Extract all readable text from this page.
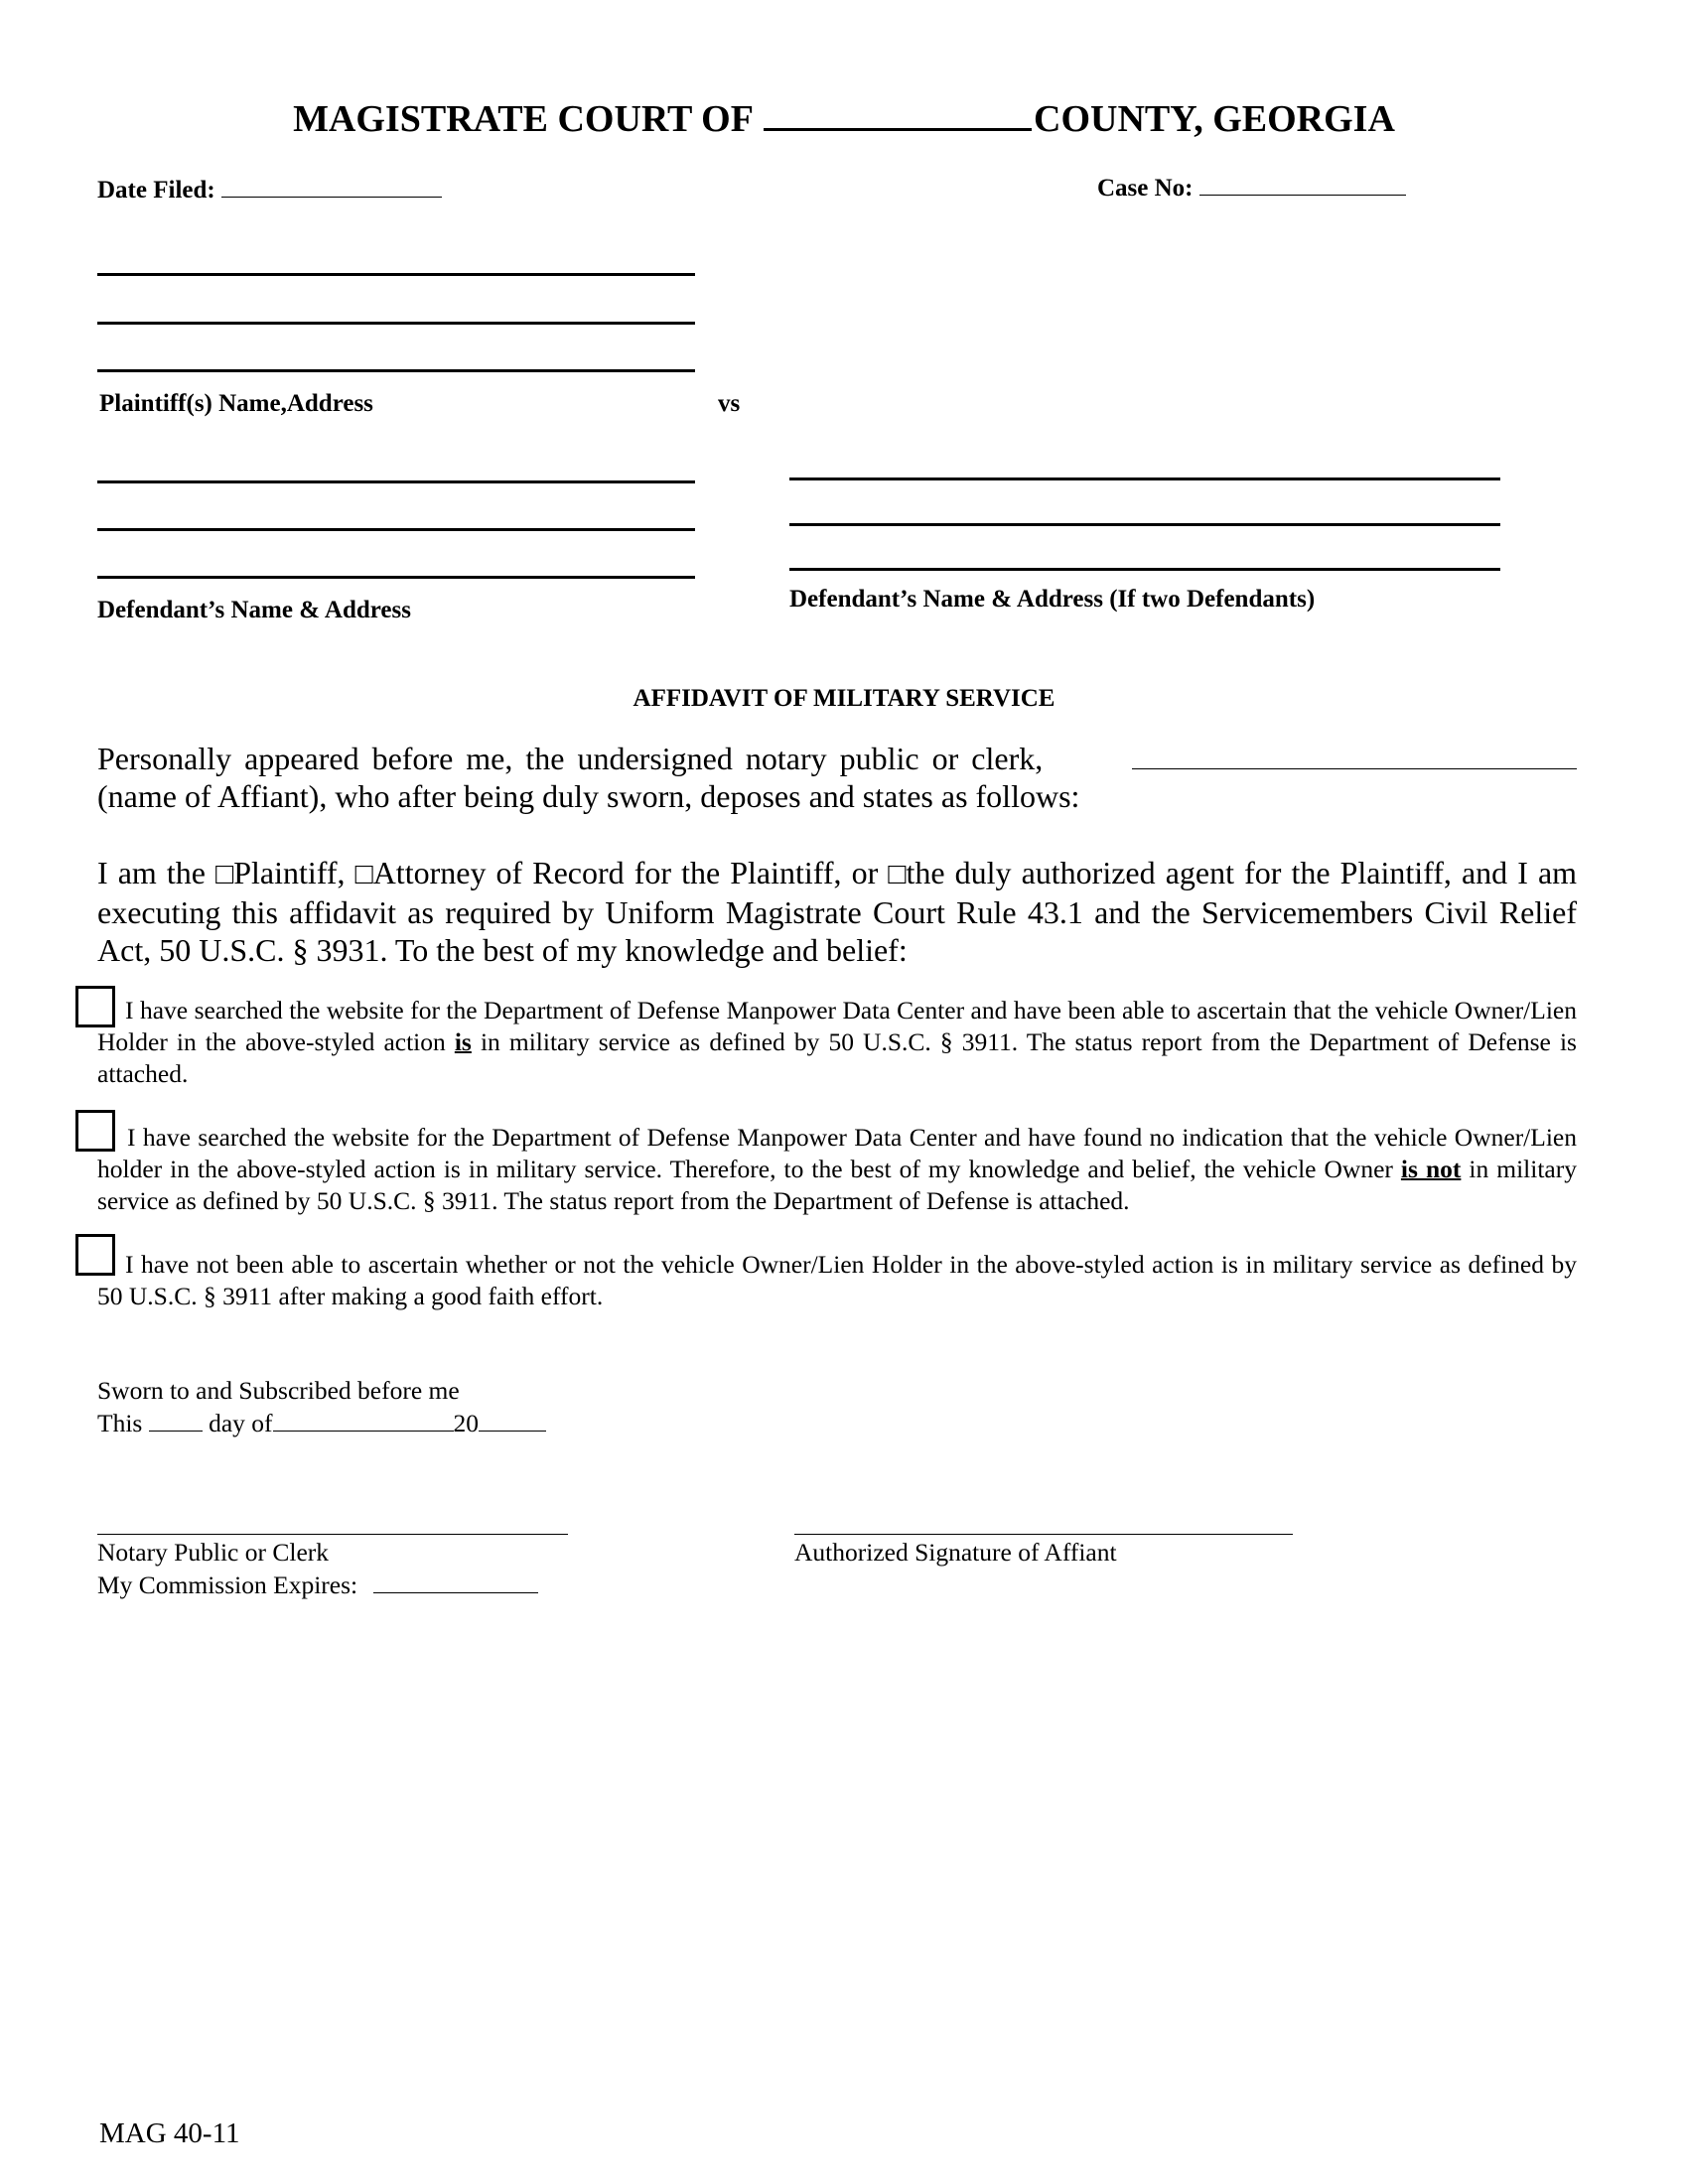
MAGISTRATE COURT OF	COUNTY, GEORGIA
Date Filed:	Case No:
Plaintiff(s) Name,Address	vs
Defendant’s Name & Address	Defendant’s Name & Address (If two Defendants)
AFFIDAVIT OF MILITARY SERVICE
Personally appeared before me, the undersigned notary public or clerk,
(name of Affiant), who after being duly sworn, deposes and states as follows:
I am the □Plaintiff, □Attorney of Record for the Plaintiff, or □the duly authorized agent for the Plaintiff, and I am executing this affidavit as required by Uniform Magistrate Court Rule 43.1 and the Servicemembers Civil Relief Act, 50 U.S.C. § 3931. To the best of my knowledge and belief:
I have searched the website for the Department of Defense Manpower Data Center and have been able to ascertain that the vehicle Owner/Lien Holder in the above-styled action is in military service as defined by 50 U.S.C. § 3911. The status report from the Department of Defense is attached.
I have searched the website for the Department of Defense Manpower Data Center and have found no indication that the vehicle Owner/Lien holder in the above-styled action is in military service. Therefore, to the best of my knowledge and belief, the vehicle Owner is not in military service as defined by 50 U.S.C. § 3911. The status report from the Department of Defense is attached.
I have not been able to ascertain whether or not the vehicle Owner/Lien Holder in the above-styled action is in military service as defined by 50 U.S.C. § 3911 after making a good faith effort.
Sworn to and Subscribed before me
This	day of	20
Notary Public or Clerk
My Commission Expires:
Authorized Signature of Affiant
MAG 40-11
